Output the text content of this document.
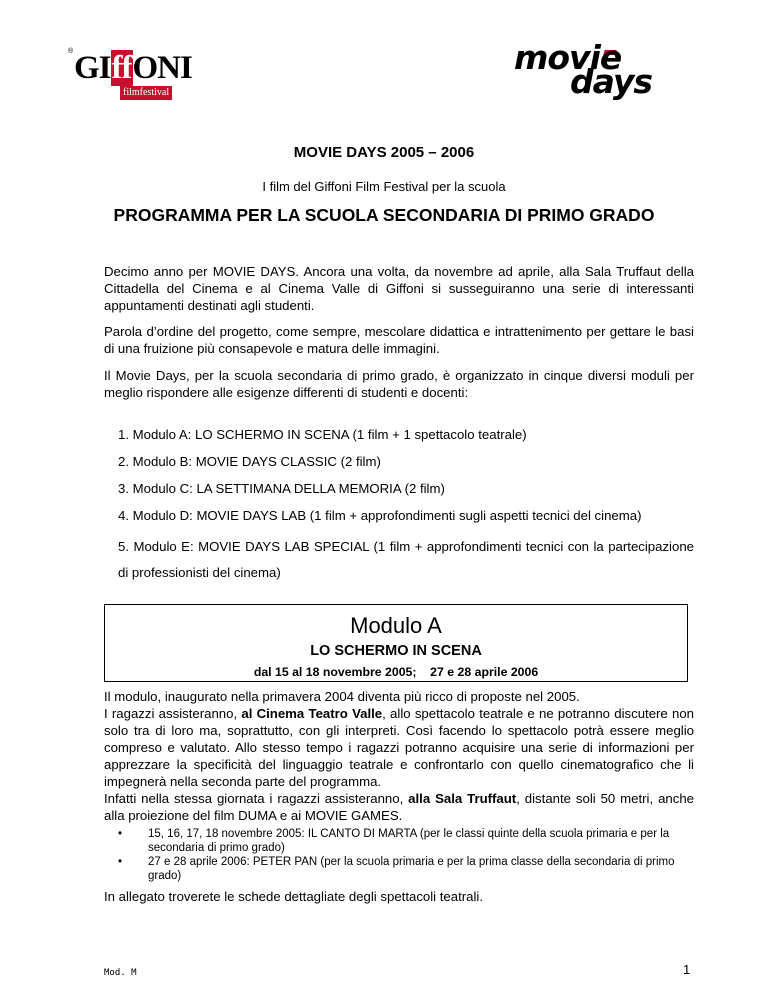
® GIffONI
filmfestival
movie
days
MOVIE DAYS 2005 – 2006
I film del Giffoni Film Festival per la scuola
PROGRAMMA PER LA SCUOLA SECONDARIA DI PRIMO GRADO
Decimo anno per MOVIE DAYS. Ancora una volta, da novembre ad aprile, alla Sala Truffaut della Cittadella del Cinema e al Cinema Valle di Giffoni si susseguiranno una serie di interessanti appuntamenti destinati agli studenti.
Parola d’ordine del progetto, come sempre, mescolare didattica e intrattenimento per gettare le basi di una fruizione più consapevole e matura delle immagini.
Il Movie Days, per la scuola secondaria di primo grado, è organizzato in cinque diversi moduli per meglio rispondere alle esigenze differenti di studenti e docenti:
1. Modulo A: LO SCHERMO IN SCENA (1 film + 1 spettacolo teatrale)
2. Modulo B: MOVIE DAYS CLASSIC (2 film)
3. Modulo C: LA SETTIMANA DELLA MEMORIA (2 film)
4. Modulo D: MOVIE DAYS LAB (1 film + approfondimenti sugli aspetti tecnici del cinema)
5. Modulo E: MOVIE DAYS LAB SPECIAL (1 film + approfondimenti tecnici con la partecipazione di professionisti del cinema)
Modulo A
LO SCHERMO IN SCENA
dal 15 al 18 novembre 2005;    27 e 28 aprile 2006
Il modulo, inaugurato nella primavera 2004 diventa più ricco di proposte nel 2005.
I ragazzi assisteranno, al Cinema Teatro Valle, allo spettacolo teatrale e ne potranno discutere non solo tra di loro ma, soprattutto, con gli interpreti. Così facendo lo spettacolo potrà essere meglio compreso e valutato. Allo stesso tempo i ragazzi potranno acquisire una serie di informazioni per apprezzare la specificità del linguaggio teatrale e confrontarlo con quello cinematografico che li impegnerà nella seconda parte del programma.
Infatti nella stessa giornata i ragazzi assisteranno, alla Sala Truffaut, distante soli 50 metri, anche alla proiezione del film DUMA e ai MOVIE GAMES.
• 15, 16, 17, 18 novembre 2005: IL CANTO DI MARTA (per le classi quinte della scuola primaria e per la secondaria di primo grado)
• 27 e 28 aprile 2006: PETER PAN (per la scuola primaria e per la prima classe della secondaria di primo grado)
In allegato troverete le schede dettagliate degli spettacoli teatrali.
Mod. M	1
